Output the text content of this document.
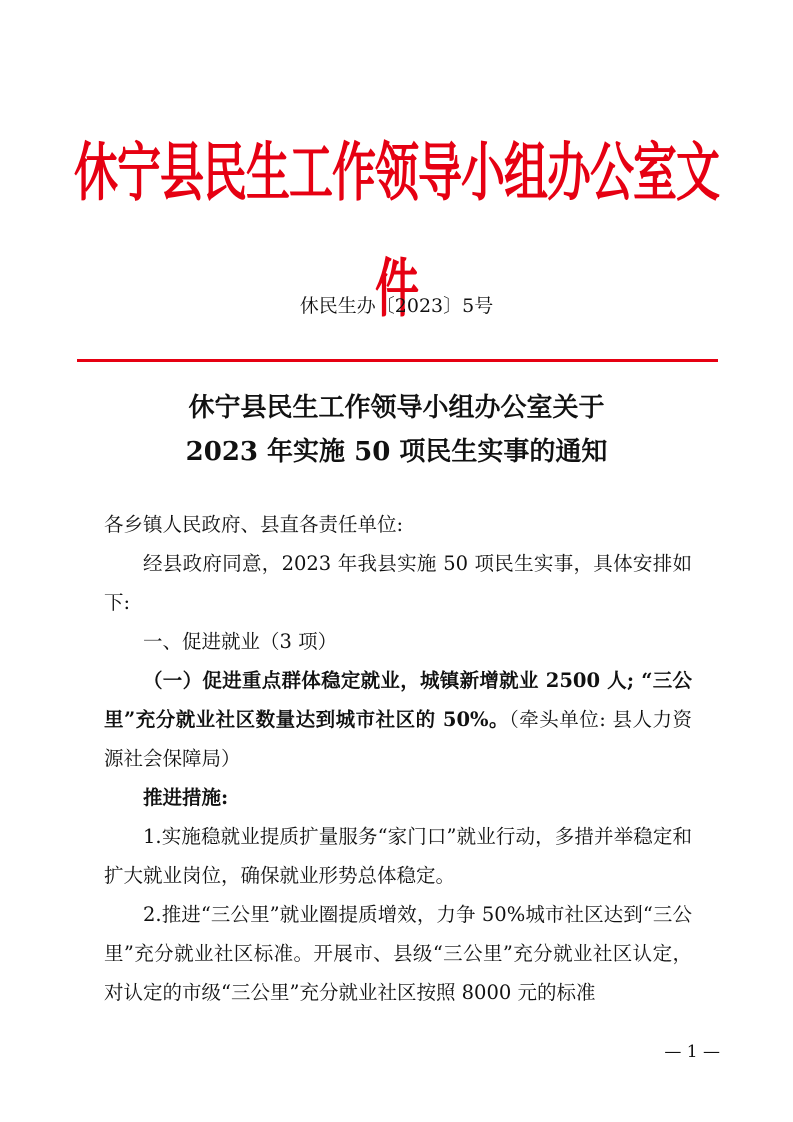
休宁县民生工作领导小组办公室文件
休民生办〔2023〕5号
休宁县民生工作领导小组办公室关于
2023 年实施 50 项民生实事的通知

各乡镇人民政府、县直各责任单位:

经县政府同意，2023 年我县实施 50 项民生实事，具体安排如下:

一、促进就业（3 项）

（一）促进重点群体稳定就业，城镇新增就业 2500 人; “三公里”充分就业社区数量达到城市社区的 50%。（牵头单位: 县人力资源社会保障局）

推进措施:

1.实施稳就业提质扩量服务“家门口”就业行动，多措并举稳定和扩大就业岗位，确保就业形势总体稳定。

2.推进“三公里”就业圈提质增效，力争 50%城市社区达到“三公里”充分就业社区标准。开展市、县级“三公里”充分就业社区认定，对认定的市级“三公里”充分就业社区按照 8000 元的标准

— 1 —
